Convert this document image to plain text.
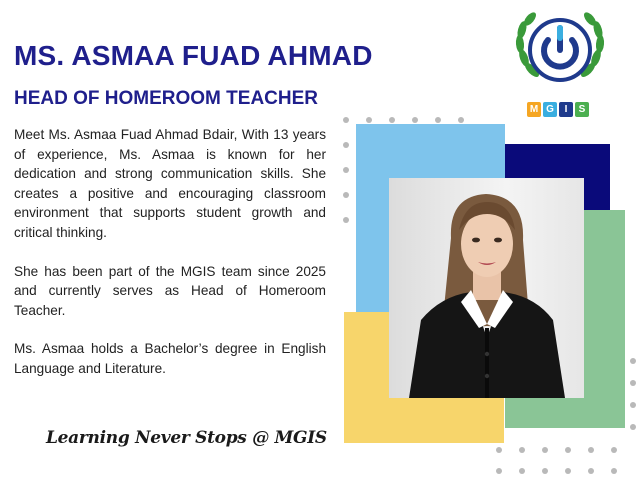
MS. ASMAA FUAD AHMAD
HEAD OF HOMEROOM TEACHER

Meet Ms. Asmaa Fuad Ahmad Bdair, With 13 years of experience, Ms. Asmaa is known for her dedication and strong communication skills. She creates a positive and encouraging classroom environment that supports student growth and critical thinking.

She has been part of the MGIS team since 2025 and currently serves as Head of Homeroom Teacher.

Ms. Asmaa holds a Bachelor’s degree in English Language and Literature.

Learning Never Stops @ MGIS
M G	I	S
